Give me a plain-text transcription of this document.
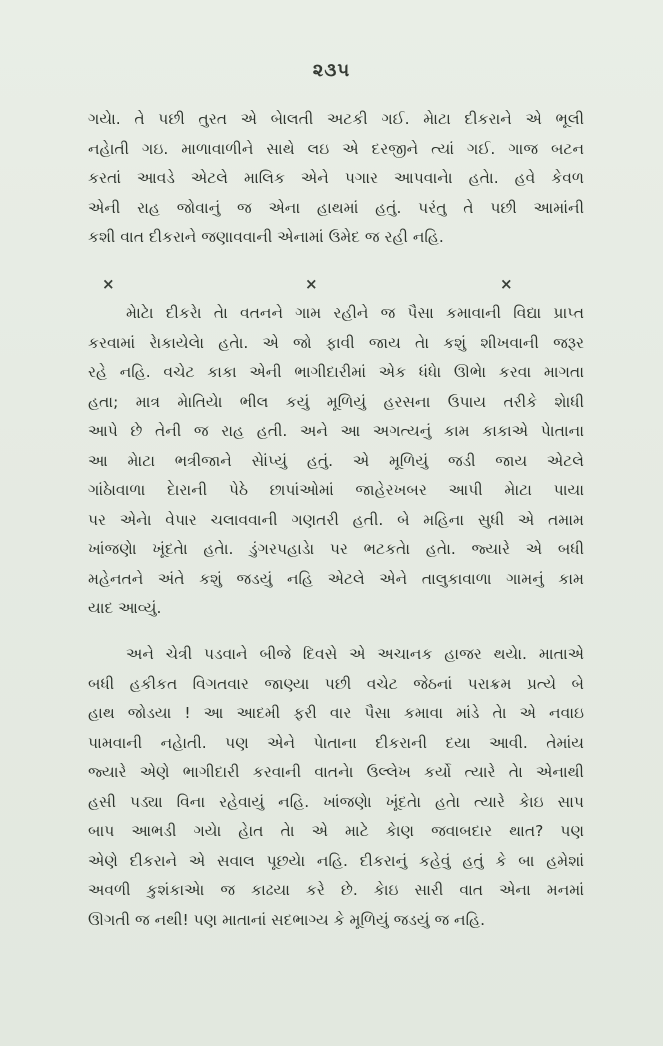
૨૩૫
ગયેા. તે પછી તુરત એ બેાલતી અટકી ગઈ. મેાટા દીકરાને એ ભૂલી
નહેાતી ગઇ. માળાવાળીને સાથે લઇ એ દરજીને ત્યાં ગઈ. ગાજ બટન
કરતાં આવડે એટલે માલિક એને પગાર આપવાનેા હતેા. હવે કેવળ
એની રાહ જોવાનું જ એના હાથમાં હતું. પરંતુ તે પછી આમાંની
કશી વાત દીકરાને જણાવવાની એનામાં ઉમેદ જ રહી નહિ.
×	×	×
મેાટેા દીકરેા તેા વતનને ગામ રહીને જ પૈસા કમાવાની વિદ્યા પ્રાપ્ત
કરવામાં રેાકાયેલેા હતેા. એ જો ફાવી જાય તેા કશું શીખવાની જરૂર
રહે નહિ. વચેટ કાકા એની ભાગીદારીમાં એક ધંધેા ઊભેા કરવા માગતા
હતા; માત્ર મેાતિયેા ભીલ કયું મૂળિયું હરસના ઉપાય તરીકે શેાધી
આપે છે તેની જ રાહ હતી. અને આ અગત્યનું કામ કાકાએ પેાતાના
આ મેાટા ભત્રીજાને સેાંપ્યું હતું. એ મૂળિયું જડી જાય એટલે
ગાંઠેાવાળા દેારાની પેઠે છાપાંઓમાં જાહેરખબર આપી મેાટા પાયા
પર એનેા વેપાર ચલાવવાની ગણતરી હતી. બે મહિના સુધી એ તમામ
ખાંજણેા ખૂંદતેા હતેા. ડુંગરપહાડેા પર ભટકતેા હતેા. જ્યારે એ બધી
મહેનતને અંતે કશું જડયું નહિ એટલે એને તાલુકાવાળા ગામનું કામ
યાદ આવ્યું.
અને ચેત્રી પડવાને બીજે દિવસે એ અચાનક હાજર થયેા. માતાએ
બધી હકીકત વિગતવાર જાણ્યા પછી વચેટ જેઠનાં પરાક્રમ પ્રત્યે બે
હાથ જોડયા ! આ આદમી ફરી વાર પૈસા કમાવા માંડે તેા એ નવાઇ
પામવાની નહેાતી. પણ એને પેાતાના દીકરાની દયા આવી. તેમાંય
જ્યારે એણે ભાગીદારી કરવાની વાતનેા ઉલ્લેખ કર્યો ત્યારે તેા એનાથી
હસી પડ્યા વિના રહેવાયું નહિ. ખાંજણેા ખૂંદતેા હતેા ત્યારે કેાઇ સાપ
બાપ આભડી ગયેા હેાત તેા એ માટે કેાણ જવાબદાર થાત? પણ
એણે દીકરાને એ સવાલ પૂછયેા નહિ. દીકરાનું કહેવું હતું કે બા હમેશાં
અવળી કુશંકાએા જ કાઢયા કરે છે. કેાઇ સારી વાત એના મનમાં
ઊગતી જ નથી! પણ માતાનાં સદભાગ્ય કે મૂળિયું જડયું જ નહિ.
